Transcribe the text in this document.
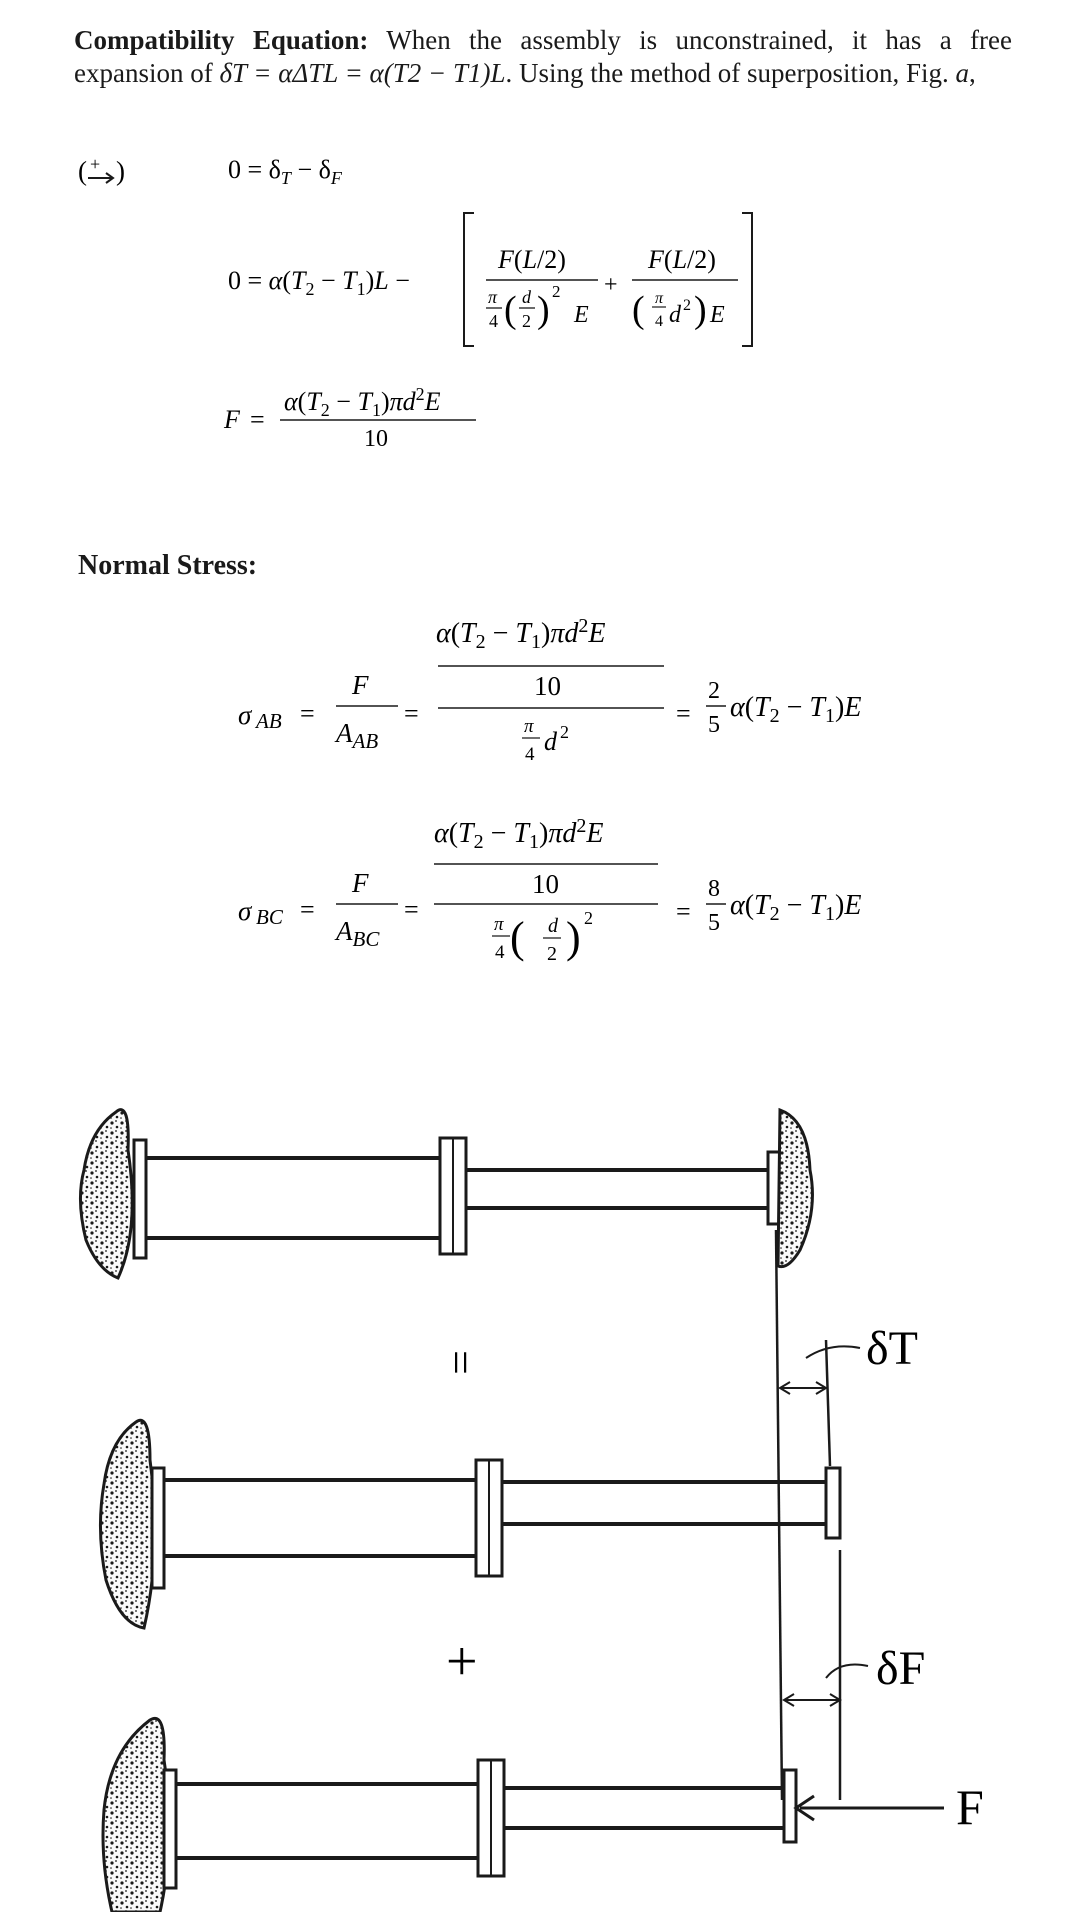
Compatibility Equation: When the assembly is unconstrained, it has a free expansion of δT = αΔTL = α(T2 − T1)L. Using the method of superposition, Fig. a,
( + )	$0 = \delta_T - \delta_F$
$0 = \alpha(T_2 - T_1)L$ −
F(L/2)
π
4 ( d
2 ) 2
E
+
F(L/2)
( π
4 d 2 ) E
F =
$\alpha(T_2 - T_1)\pi d^2E$
10
Normal Stress:
$\alpha(T_2 - T_1)\pi d^2E$
10
σ AB =
F
$A_{AB}$
=	π
4 d 2
=
2
5
$\alpha(T_2 - T_1)E$
$\alpha(T_2 - T_1)\pi d^2E$
10
σ BC =
F
$A_{BC}$
=
π
4 ( d
2 ) 2	=
8
5
$\alpha(T_2 - T_1)E$
=
+
δT
δF
F
